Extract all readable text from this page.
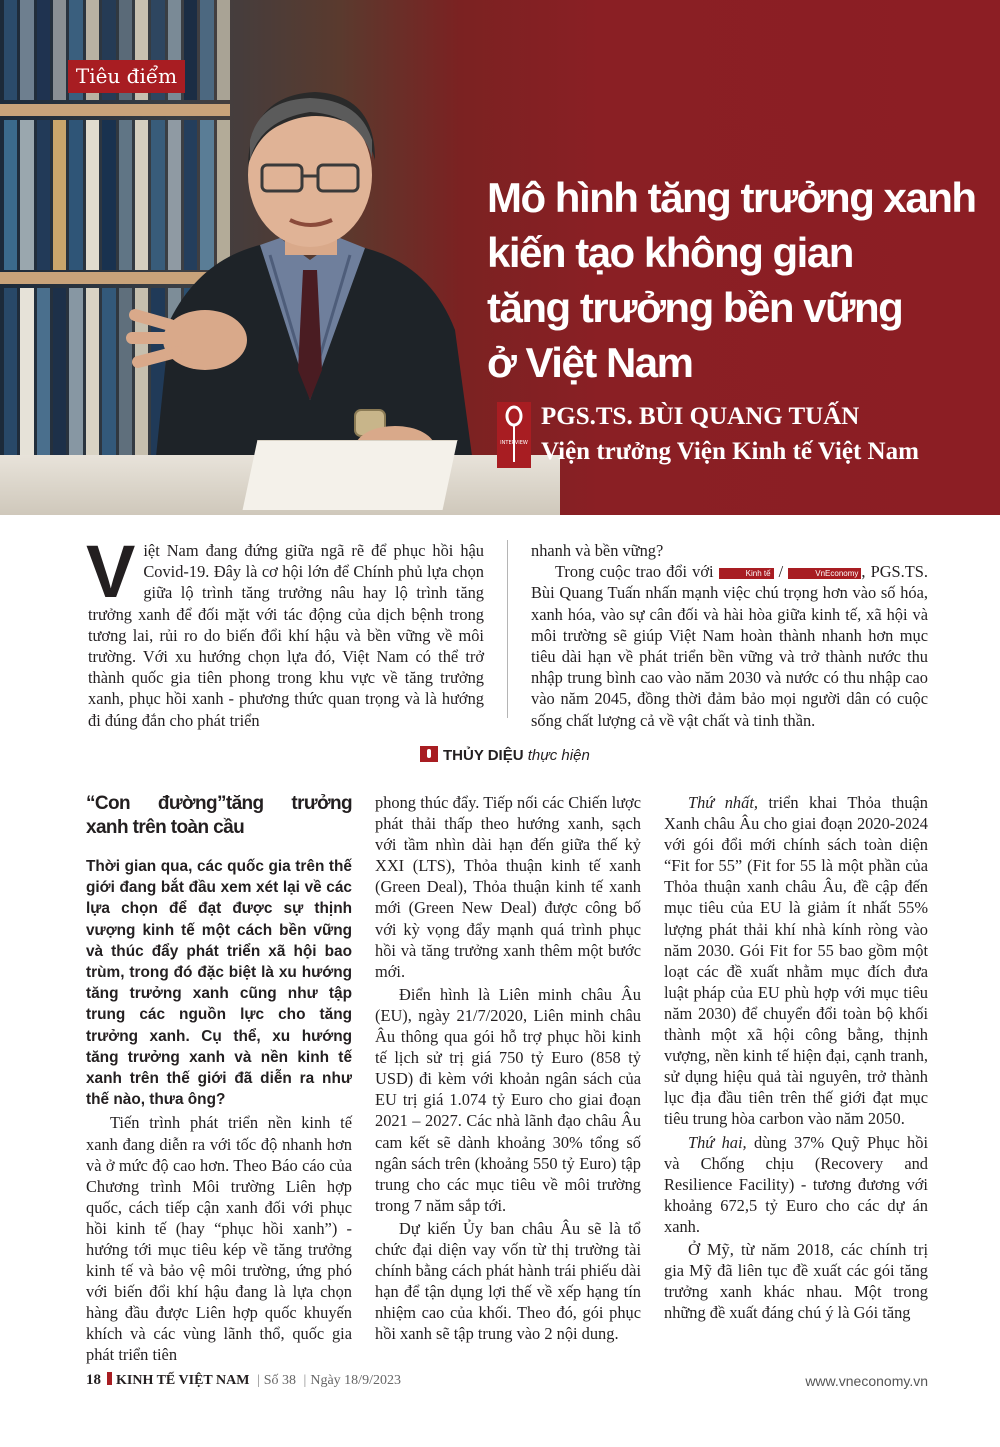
Tiêu điểm
Mô hình tăng trưởng xanh
kiến tạo không gian
tăng trưởng bền vững
ở Việt Nam
INTERVIEW
PGS.TS. BÙI QUANG TUẤN
Viện trưởng Viện Kinh tế Việt Nam
Việt Nam đang đứng giữa ngã rẽ để phục hồi hậu Covid-19. Đây là cơ hội lớn để Chính phủ lựa chọn giữa lộ trình tăng trưởng nâu hay lộ trình tăng trưởng xanh để đối mặt với tác động của dịch bệnh trong tương lai, rủi ro do biến đổi khí hậu và bền vững về môi trường. Với xu hướng chọn lựa đó, Việt Nam có thể trở thành quốc gia tiên phong trong khu vực về tăng trưởng xanh, phục hồi xanh - phương thức quan trọng và là hướng đi đúng đắn cho phát triển
nhanh và bền vững?
Trong cuộc trao đổi với	Kinh tế /	VnEconomy , PGS.TS. Bùi Quang Tuấn nhấn mạnh việc chú trọng hơn vào số hóa, xanh hóa, vào sự cân đối và hài hòa giữa kinh tế, xã hội và môi trường sẽ giúp Việt Nam hoàn thành nhanh hơn mục tiêu dài hạn về phát triển bền vững và trở thành nước thu nhập trung bình cao vào năm 2030 và nước có thu nhập cao vào năm 2045, đồng thời đảm bảo mọi người dân có cuộc sống chất lượng cả về vật chất và tinh thần.
THỦY DIỆU thực hiện
“Con đường”tăng trưởng xanh trên toàn cầu

Thời gian qua, các quốc gia trên thế giới đang bắt đầu xem xét lại về các lựa chọn để đạt được sự thịnh vượng kinh tế một cách bền vững và thúc đẩy phát triển xã hội bao trùm, trong đó đặc biệt là xu hướng tăng trưởng xanh cũng như tập trung các nguồn lực cho tăng trưởng xanh. Cụ thể, xu hướng tăng trưởng xanh và nền kinh tế xanh trên thế giới đã diễn ra như thế nào, thưa ông?

Tiến trình phát triển nền kinh tế xanh đang diễn ra với tốc độ nhanh hơn và ở mức độ cao hơn. Theo Báo cáo của Chương trình Môi trường Liên hợp quốc, cách tiếp cận xanh đối với phục hồi kinh tế (hay “phục hồi xanh”) - hướng tới mục tiêu kép về tăng trưởng kinh tế và bảo vệ môi trường, ứng phó với biến đổi khí hậu đang là lựa chọn hàng đầu được Liên hợp quốc khuyến khích và các vùng lãnh thổ, quốc gia phát triển tiên

phong thúc đẩy. Tiếp nối các Chiến lược phát thải thấp theo hướng xanh, sạch với tầm nhìn dài hạn đến giữa thế kỷ XXI (LTS), Thỏa thuận kinh tế xanh (Green Deal), Thỏa thuận kinh tế xanh mới (Green New Deal) được công bố với kỳ vọng đẩy mạnh quá trình phục hồi và tăng trưởng xanh thêm một bước mới.

Điển hình là Liên minh châu Âu (EU), ngày 21/7/2020, Liên minh châu Âu thông qua gói hỗ trợ phục hồi kinh tế lịch sử trị giá 750 tỷ Euro (858 tỷ USD) đi kèm với khoản ngân sách của EU trị giá 1.074 tỷ Euro cho giai đoạn 2021 – 2027. Các nhà lãnh đạo châu Âu cam kết sẽ dành khoảng 30% tổng số ngân sách trên (khoảng 550 tỷ Euro) tập trung cho các mục tiêu về môi trường trong 7 năm sắp tới.

Dự kiến Ủy ban châu Âu sẽ là tổ chức đại diện vay vốn từ thị trường tài chính bằng cách phát hành trái phiếu dài hạn để tận dụng lợi thế về xếp hạng tín nhiệm cao của khối. Theo đó, gói phục hồi xanh sẽ tập trung vào 2 nội dung.

Thứ nhất, triển khai Thỏa thuận Xanh châu Âu cho giai đoạn 2020-2024 với gói đổi mới chính sách toàn diện “Fit for 55” (Fit for 55 là một phần của Thỏa thuận xanh châu Âu, đề cập đến mục tiêu của EU là giảm ít nhất 55% lượng phát thải khí nhà kính ròng vào năm 2030. Gói Fit for 55 bao gồm một loạt các đề xuất nhằm mục đích đưa luật pháp của EU phù hợp với mục tiêu năm 2030) để chuyển đổi toàn bộ khối thành một xã hội công bằng, thịnh vượng, nền kinh tế hiện đại, cạnh tranh, sử dụng hiệu quả tài nguyên, trở thành lục địa đầu tiên trên thế giới đạt mục tiêu trung hòa carbon vào năm 2050.

Thứ hai, dùng 37% Quỹ Phục hồi và Chống chịu (Recovery and Resilience Facility) - tương đương với khoảng 672,5 tỷ Euro cho các dự án xanh.

Ở Mỹ, từ năm 2018, các chính trị gia Mỹ đã liên tục đề xuất các gói tăng trưởng xanh khác nhau. Một trong những đề xuất đáng chú ý là Gói tăng

18 KINH TẾ VIỆT NAM | Số 38 | Ngày 18/9/2023	www.vneconomy.vn
